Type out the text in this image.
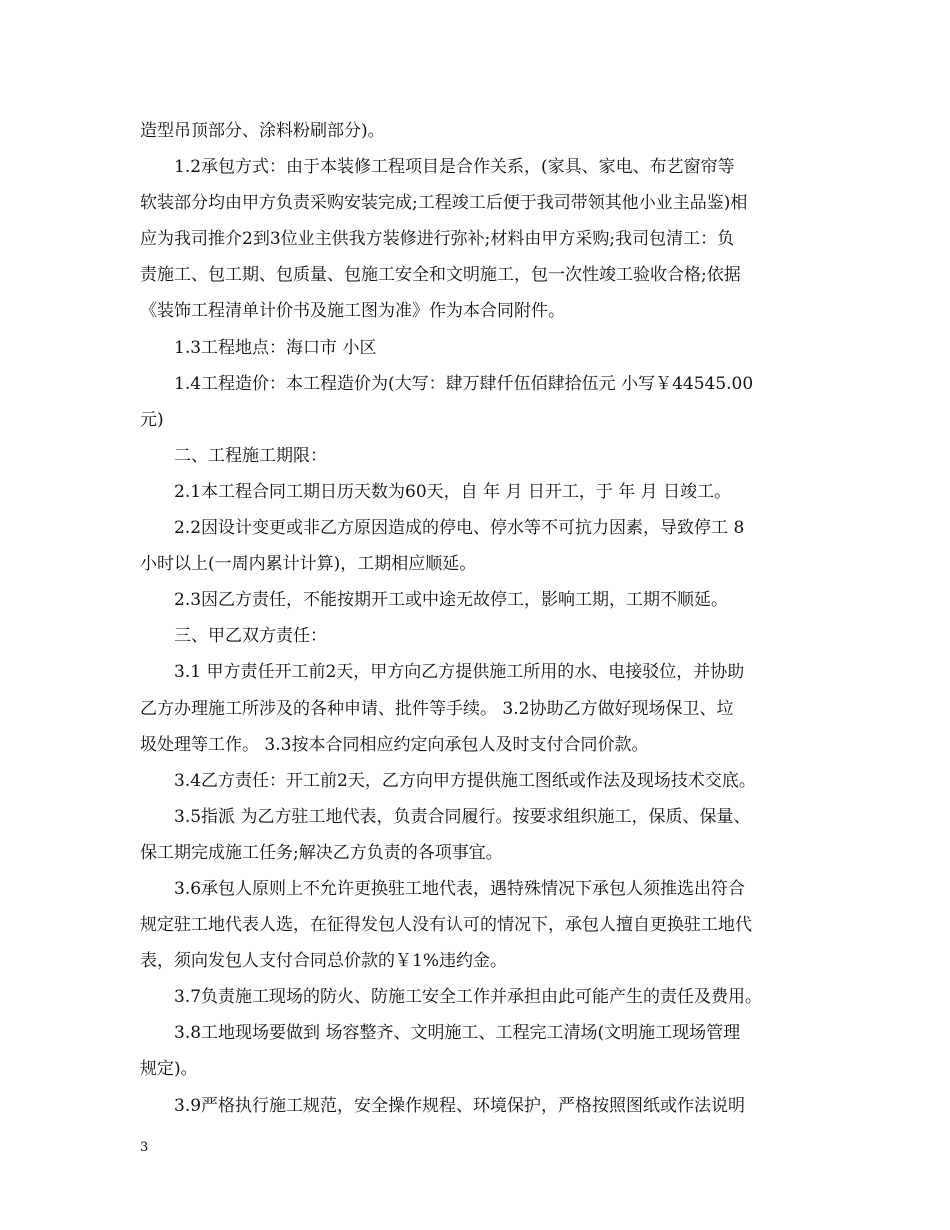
造型吊顶部分、涂料粉刷部分)。
1.2承包方式：由于本装修工程项目是合作关系，(家具、家电、布艺窗帘等
软装部分均由甲方负责采购安装完成;工程竣工后便于我司带领其他小业主品鉴)相
应为我司推介2到3位业主供我方装修进行弥补;材料由甲方采购;我司包清工：负
责施工、包工期、包质量、包施工安全和文明施工，包一次性竣工验收合格;依据
《装饰工程清单计价书及施工图为准》作为本合同附件。
1.3工程地点：海口市 小区
1.4工程造价：本工程造价为(大写：肆万肆仟伍佰肆拾伍元 小写￥44545.00
元)
二、工程施工期限：
2.1本工程合同工期日历天数为60天，自 年 月 日开工，于 年 月 日竣工。
2.2因设计变更或非乙方原因造成的停电、停水等不可抗力因素，导致停工 8
小时以上(一周内累计计算)，工期相应顺延。
2.3因乙方责任，不能按期开工或中途无故停工，影响工期，工期不顺延。
三、甲乙双方责任：
3.1 甲方责任开工前2天，甲方向乙方提供施工所用的水、电接驳位，并协助
乙方办理施工所涉及的各种申请、批件等手续。 3.2协助乙方做好现场保卫、垃
圾处理等工作。 3.3按本合同相应约定向承包人及时支付合同价款。
3.4乙方责任：开工前2天，乙方向甲方提供施工图纸或作法及现场技术交底。
3.5指派 为乙方驻工地代表，负责合同履行。按要求组织施工，保质、保量、
保工期完成施工任务;解决乙方负责的各项事宜。
3.6承包人原则上不允许更换驻工地代表，遇特殊情况下承包人须推选出符合
规定驻工地代表人选，在征得发包人没有认可的情况下，承包人擅自更换驻工地代
表，须向发包人支付合同总价款的￥1%违约金。
3.7负责施工现场的防火、防施工安全工作并承担由此可能产生的责任及费用。
3.8工地现场要做到 场容整齐、文明施工、工程完工清场(文明施工现场管理
规定)。
3.9严格执行施工规范，安全操作规程、环境保护，严格按照图纸或作法说明
3
